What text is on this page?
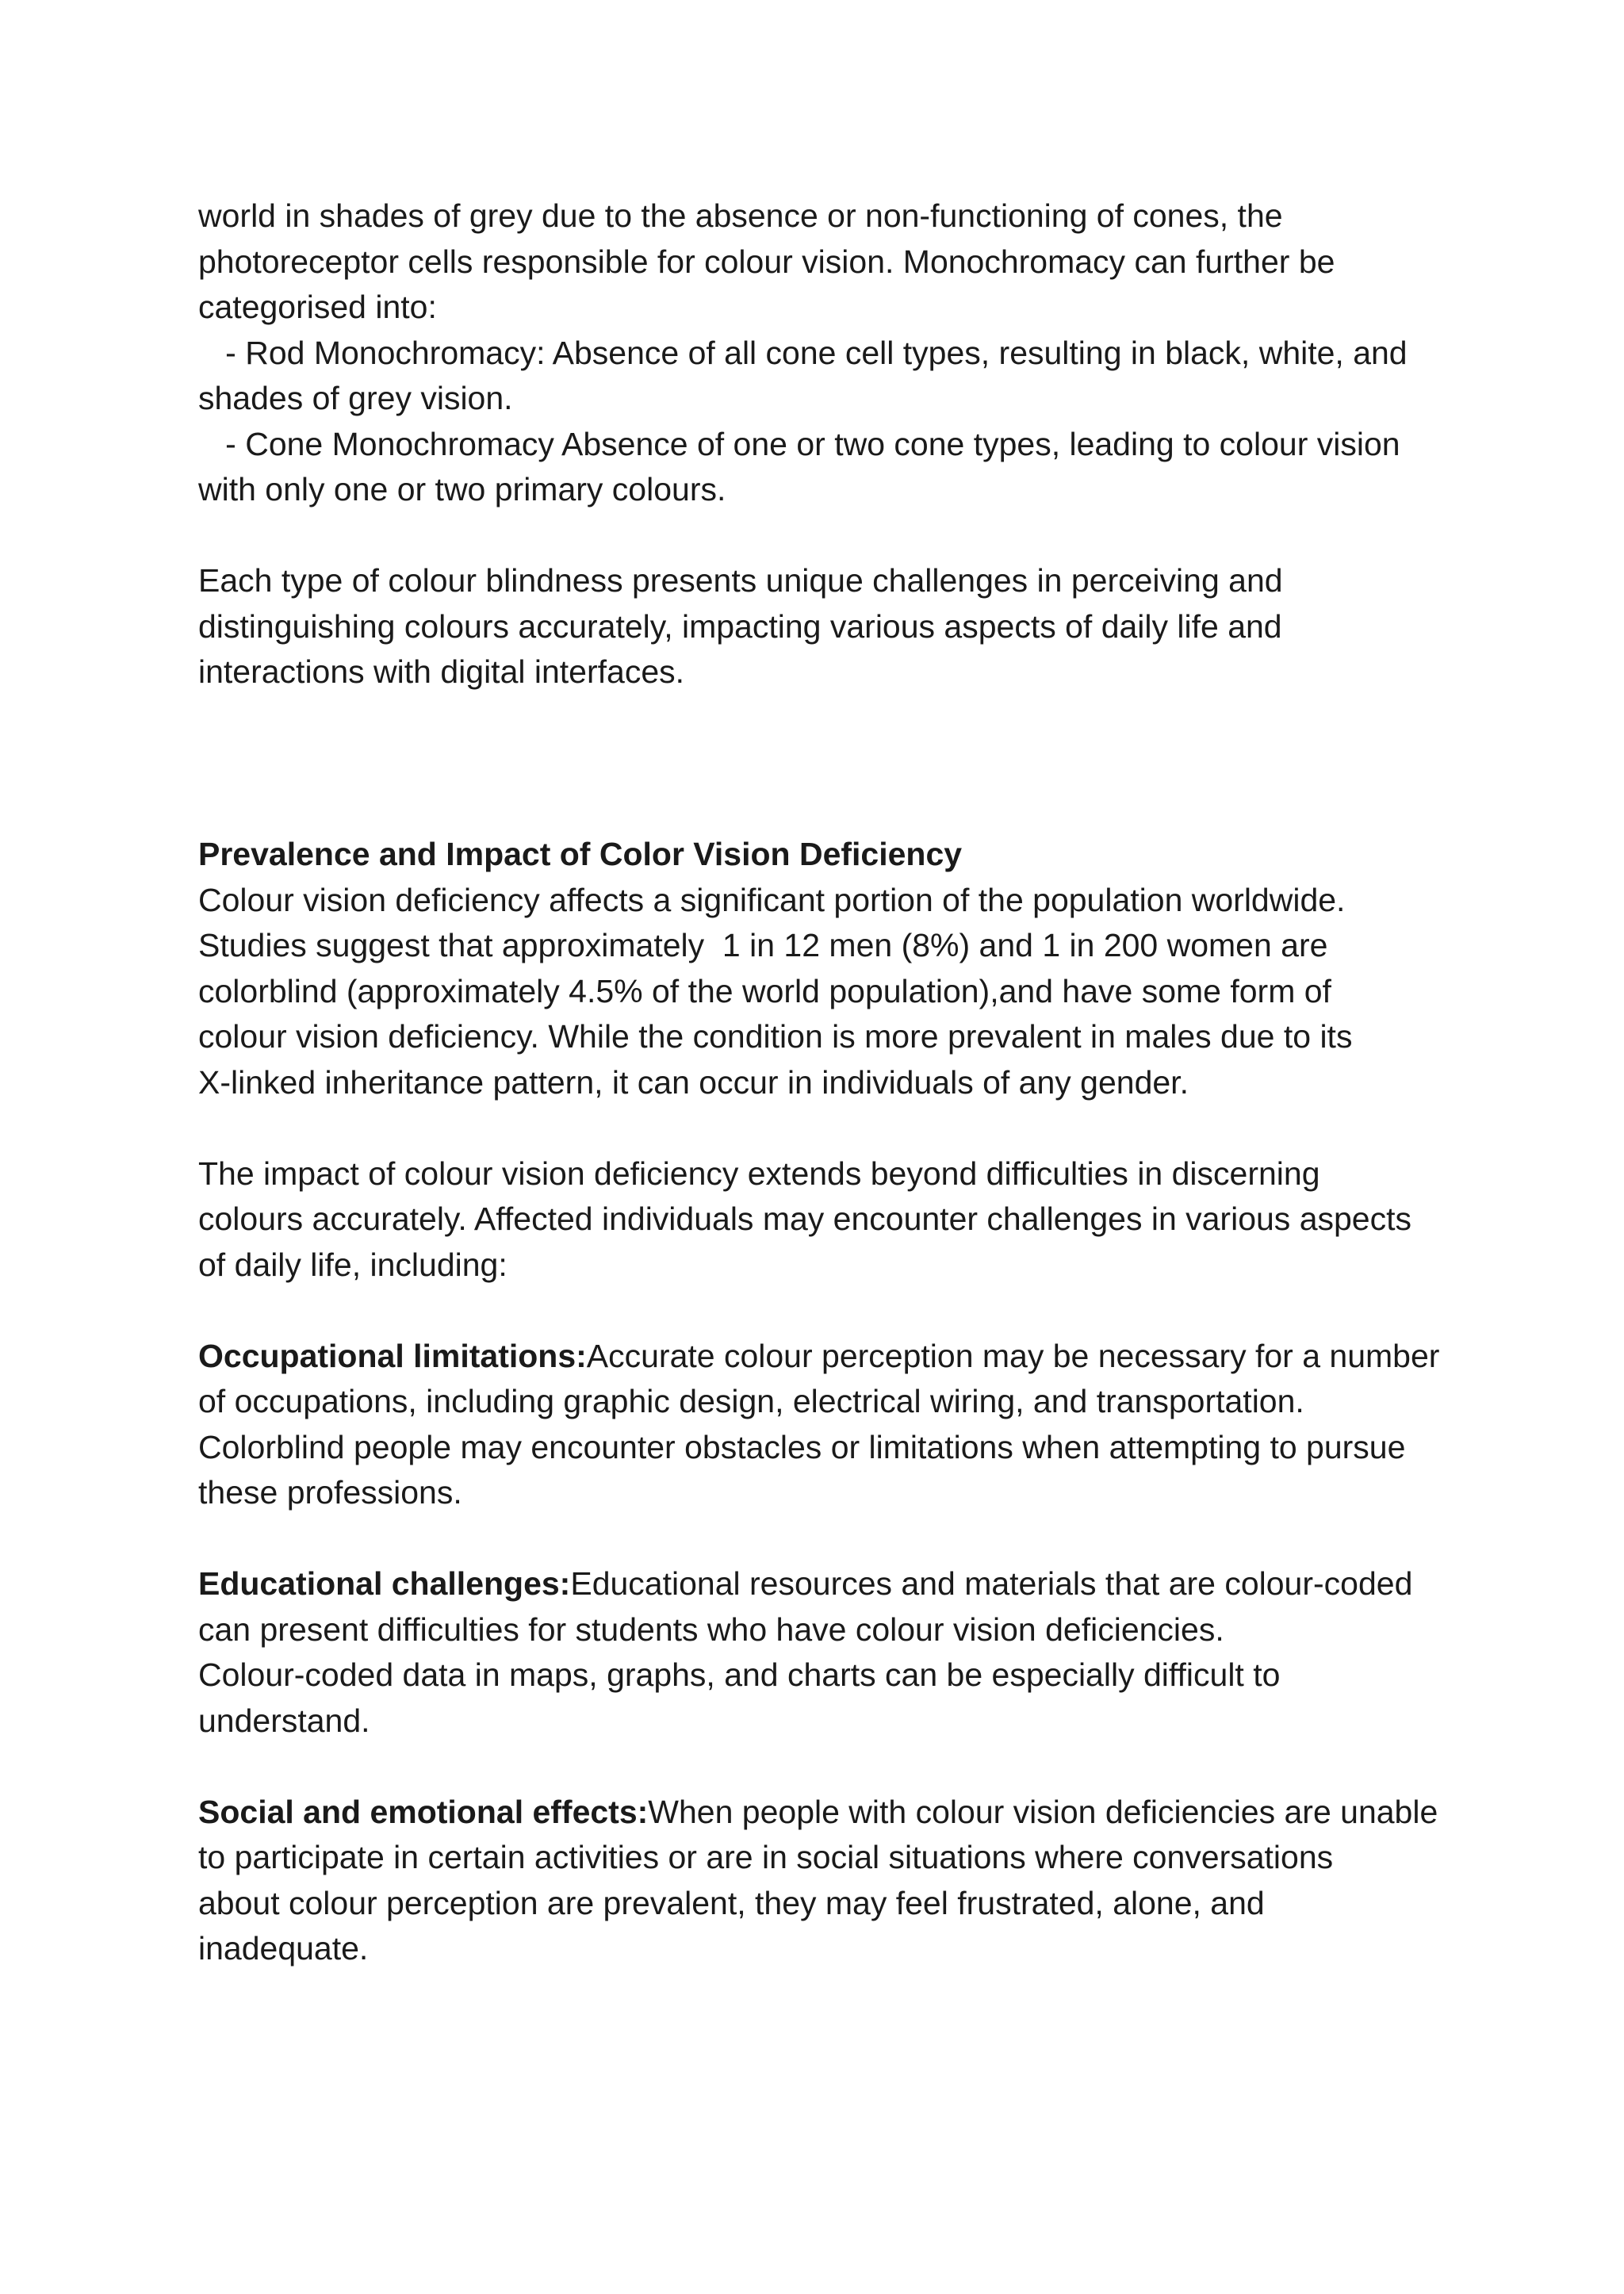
world in shades of grey due to the absence or non-functioning of cones, the
photoreceptor cells responsible for colour vision. Monochromacy can further be
categorised into:
- Rod Monochromacy: Absence of all cone cell types, resulting in black, white, and
shades of grey vision.
- Cone Monochromacy Absence of one or two cone types, leading to colour vision
with only one or two primary colours.
Each type of colour blindness presents unique challenges in perceiving and
distinguishing colours accurately, impacting various aspects of daily life and
interactions with digital interfaces.
Prevalence and Impact of Color Vision Deficiency
Colour vision deficiency affects a significant portion of the population worldwide.
Studies suggest that approximately  1 in 12 men (8%) and 1 in 200 women are
colorblind (approximately 4.5% of the world population),and have some form of
colour vision deficiency. While the condition is more prevalent in males due to its
X-linked inheritance pattern, it can occur in individuals of any gender.
The impact of colour vision deficiency extends beyond difficulties in discerning
colours accurately. Affected individuals may encounter challenges in various aspects
of daily life, including:
Occupational limitations:Accurate colour perception may be necessary for a number
of occupations, including graphic design, electrical wiring, and transportation.
Colorblind people may encounter obstacles or limitations when attempting to pursue
these professions.
Educational challenges:Educational resources and materials that are colour-coded
can present difficulties for students who have colour vision deficiencies.
Colour-coded data in maps, graphs, and charts can be especially difficult to
understand.
Social and emotional effects:When people with colour vision deficiencies are unable
to participate in certain activities or are in social situations where conversations
about colour perception are prevalent, they may feel frustrated, alone, and
inadequate.
